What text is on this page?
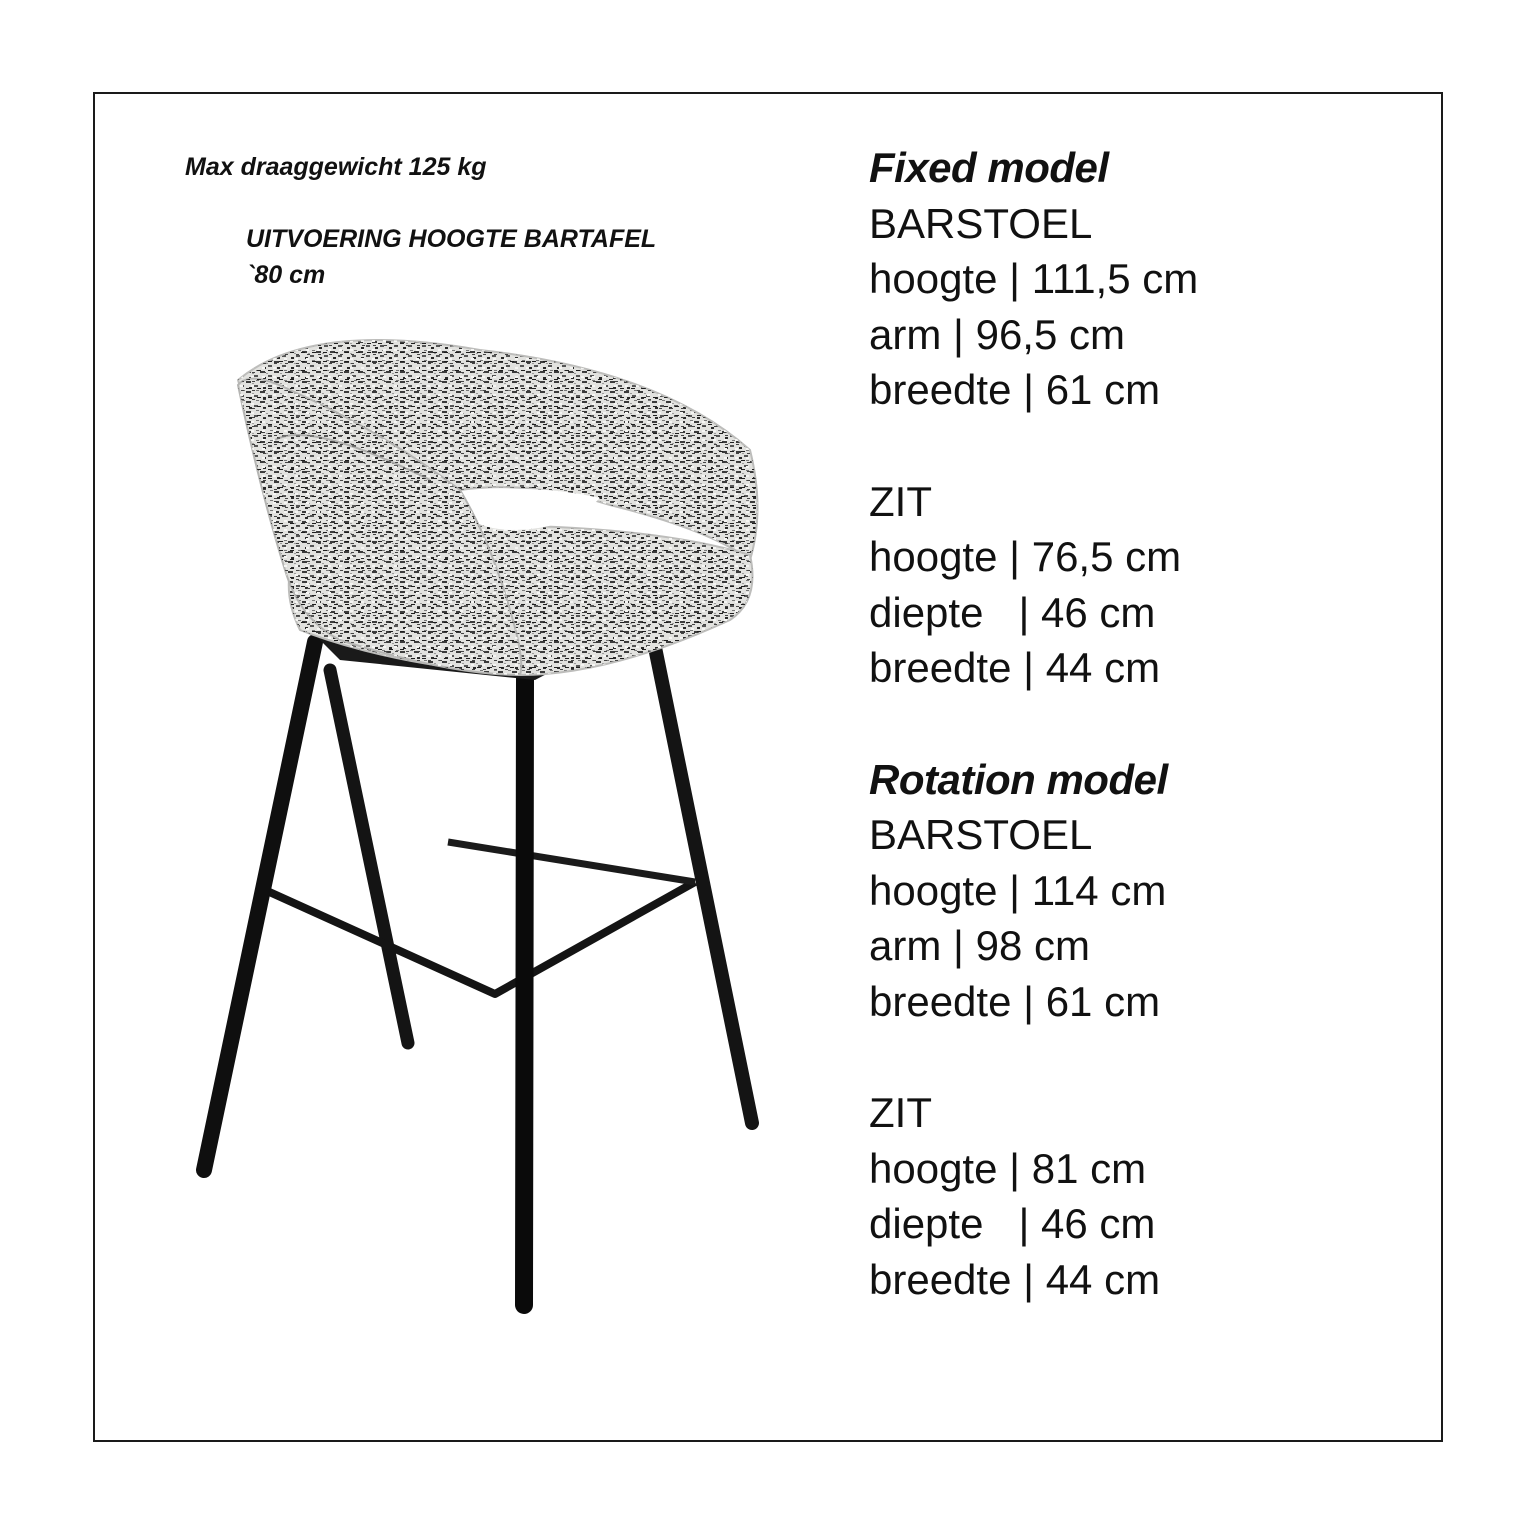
Max draaggewicht 125 kg
UITVOERING HOOGTE BARTAFEL
`80 cm
Fixed model
BARSTOEL
hoogte | 111,5 cm
arm | 96,5 cm
breedte | 61 cm
ZIT
hoogte | 76,5 cm
diepte   | 46 cm
breedte | 44 cm
Rotation model
BARSTOEL
hoogte | 114 cm
arm | 98 cm
breedte | 61 cm
ZIT
hoogte | 81 cm
diepte   | 46 cm
breedte | 44 cm
